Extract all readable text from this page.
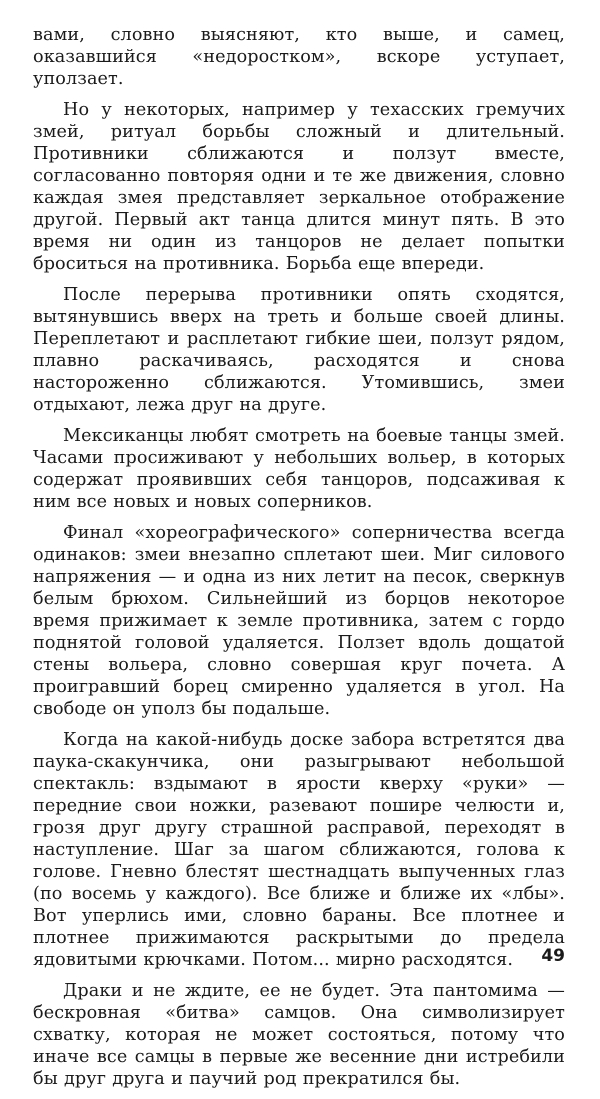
вами, словно выясняют, кто выше, и самец, оказавшийся «недоростком», вскоре уступает, уползает.

Но у некоторых, например у техасских гремучих змей, ритуал борьбы сложный и длительный. Противники сближаются и ползут вместе, согласованно повторяя одни и те же движения, словно каждая змея представляет зеркальное отображение другой. Первый акт танца длится минут пять. В это время ни один из танцоров не делает попытки броситься на противника. Борьба еще впереди.

После перерыва противники опять сходятся, вытянувшись вверх на треть и больше своей длины. Переплетают и расплетают гибкие шеи, ползут рядом, плавно раскачиваясь, расходятся и снова настороженно сближаются. Утомившись, змеи отдыхают, лежа друг на друге.

Мексиканцы любят смотреть на боевые танцы змей. Часами просиживают у небольших вольер, в которых содержат проявивших себя танцоров, подсаживая к ним все новых и новых соперников.

Финал «хореографического» соперничества всегда одинаков: змеи внезапно сплетают шеи. Миг силового напряжения — и одна из них летит на песок, сверкнув белым брюхом. Сильнейший из борцов некоторое время прижимает к земле противника, затем с гордо поднятой головой удаляется. Ползет вдоль дощатой стены вольера, словно совершая круг почета. А проигравший борец смиренно удаляется в угол. На свободе он уполз бы подальше.

Когда на какой-нибудь доске забора встретятся два паука-скакунчика, они разыгрывают небольшой спектакль: вздымают в ярости кверху «руки» — передние свои ножки, разевают пошире челюсти и, грозя друг другу страшной расправой, переходят в наступление. Шаг за шагом сближаются, голова к голове. Гневно блестят шестнадцать выпученных глаз (по восемь у каждого). Все ближе и ближе их «лбы». Вот уперлись ими, словно бараны. Все плотнее и плотнее прижимаются раскрытыми до предела ядовитыми крючками. Потом... мирно расходятся.

Драки и не ждите, ее не будет. Эта пантомима — бескровная «битва» самцов. Она символизирует схватку, которая не может состояться, потому что иначе все самцы в первые же весенние дни истребили бы друг друга и паучий род прекратился бы.

49
